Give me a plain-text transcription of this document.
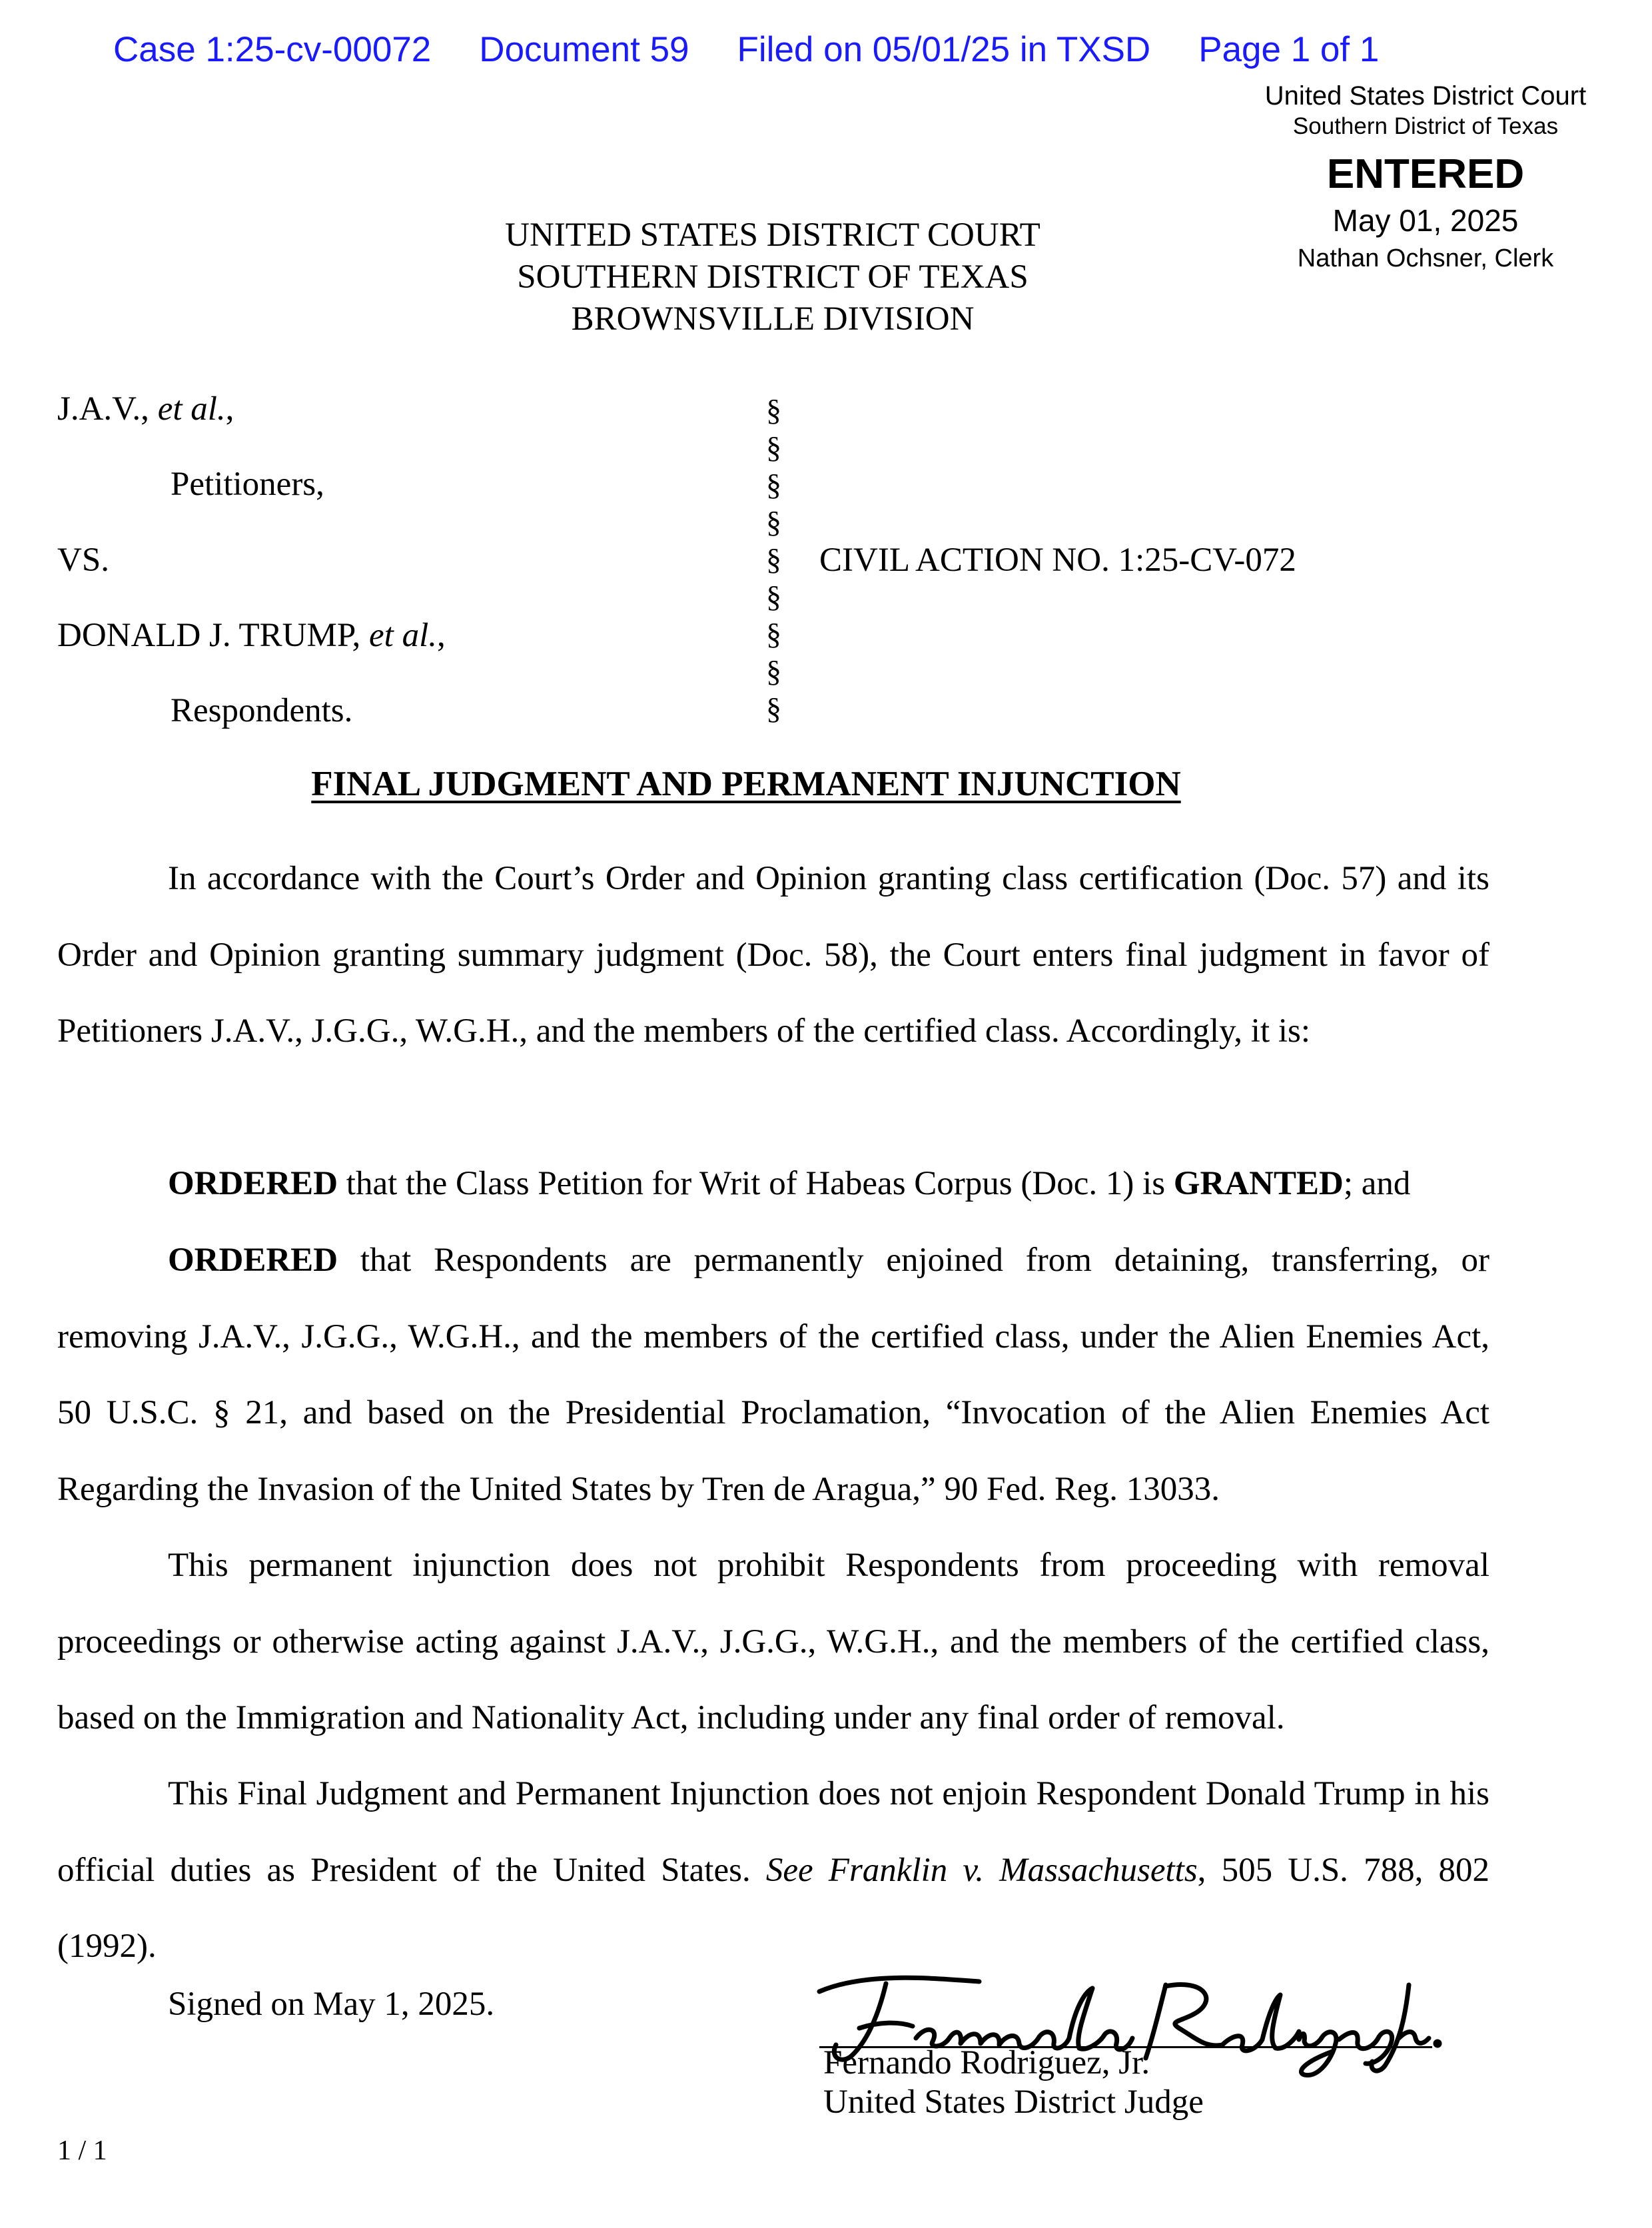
Case 1:25-cv-00072 Document 59 Filed on 05/01/25 in TXSD Page 1 of 1
United States District Court
Southern District of Texas
ENTERED
May 01, 2025
Nathan Ochsner, Clerk
UNITED STATES DISTRICT COURT
SOUTHERN DISTRICT OF TEXAS
BROWNSVILLE DIVISION
J.A.V., et al.,
Petitioners,
VS.
DONALD J. TRUMP, et al.,
Respondents.
§
§
§
§
§
§
§
§
§
CIVIL ACTION NO. 1:25-CV-072
FINAL JUDGMENT AND PERMANENT INJUNCTION

In accordance with the Court’s Order and Opinion granting class certification (Doc. 57) and its Order and Opinion granting summary judgment (Doc. 58), the Court enters final judgment in favor of Petitioners J.A.V., J.G.G., W.G.H., and the members of the certified class. Accordingly, it is:

ORDERED that the Class Petition for Writ of Habeas Corpus (Doc. 1) is GRANTED; and

ORDERED that Respondents are permanently enjoined from detaining, transferring, or removing J.A.V., J.G.G., W.G.H., and the members of the certified class, under the Alien Enemies Act, 50 U.S.C. § 21, and based on the Presidential Proclamation, “Invocation of the Alien Enemies Act Regarding the Invasion of the United States by Tren de Aragua,” 90 Fed. Reg. 13033.

This permanent injunction does not prohibit Respondents from proceeding with removal proceedings or otherwise acting against J.A.V., J.G.G., W.G.H., and the members of the certified class, based on the Immigration and Nationality Act, including under any final order of removal.

This Final Judgment and Permanent Injunction does not enjoin Respondent Donald Trump in his official duties as President of the United States. See Franklin v. Massachusetts, 505 U.S. 788, 802 (1992).

Signed on May 1, 2025.
Fernando Rodriguez, Jr.
United States District Judge
1 / 1
